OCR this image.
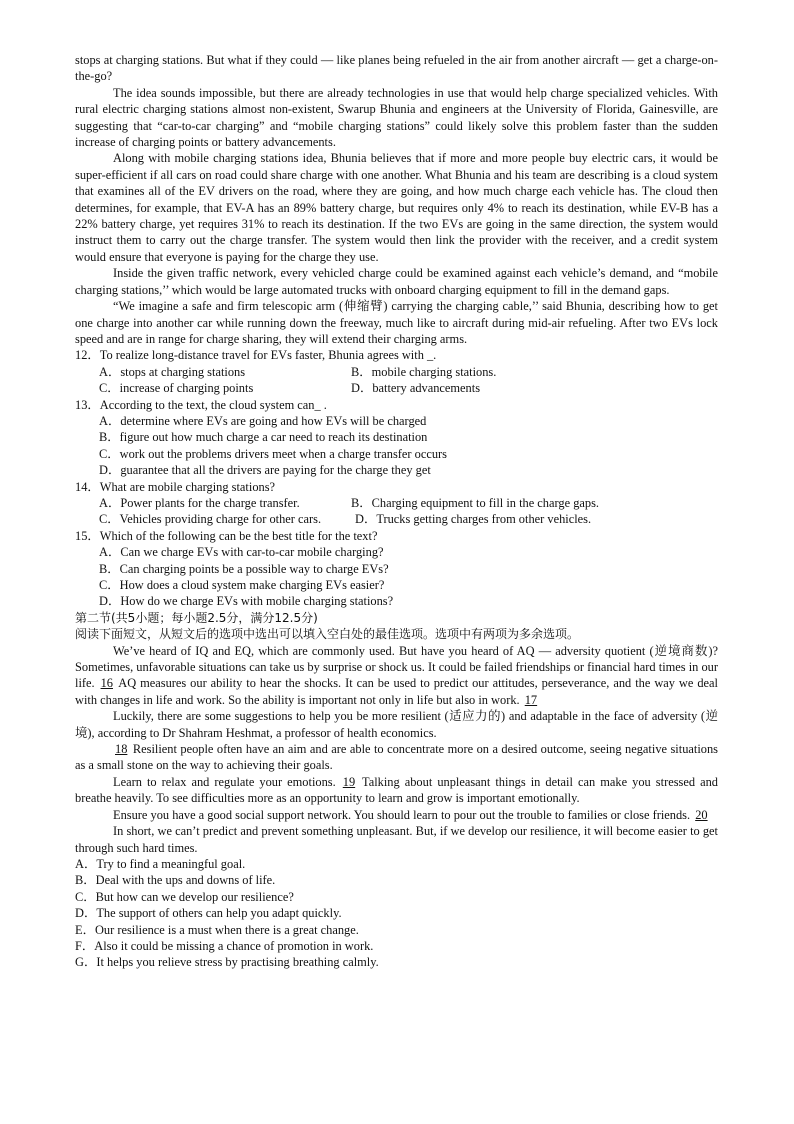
stops at charging stations. But what if they could — like planes being refueled in the air from another aircraft — get a charge-on-the-go?

The idea sounds impossible, but there are already technologies in use that would help charge specialized vehicles. With rural electric charging stations almost non-existent, Swarup Bhunia and engineers at the University of Florida, Gainesville, are suggesting that “car-to-car charging” and “mobile charging stations” could likely solve this problem faster than the sudden increase of charging points or battery advancements.

Along with mobile charging stations idea, Bhunia believes that if more and more people buy electric cars, it would be super-efficient if all cars on road could share charge with one another. What Bhunia and his team are describing is a cloud system that examines all of the EV drivers on the road, where they are going, and how much charge each vehicle has. The cloud then determines, for example, that EV-A has an 89% battery charge, but requires only 4% to reach its destination, while EV-B has a 22% battery charge, yet requires 31% to reach its destination. If the two EVs are going in the same direction, the system would instruct them to carry out the charge transfer. The system would then link the provider with the receiver, and a credit system would ensure that everyone is paying for the charge they use.

Inside the given traffic network, every vehicled charge could be examined against each vehicle’s demand, and “mobile charging stations,’’ which would be large automated trucks with onboard charging equipment to fill in the demand gaps.

“We imagine a safe and firm telescopic arm (伸缩臂) carrying the charging cable,’’ said Bhunia, describing how to get one charge into another car while running down the freeway, much like to aircraft during mid-air refueling. After two EVs lock speed and are in range for charge sharing, they will extend their charging arms.

12．To realize long-distance travel for EVs faster, Bhunia agrees with _.

A．stops at charging stations	B．mobile charging stations.
C．increase of charging points	D．battery advancements

13．According to the text, the cloud system can_ .

A．determine where EVs are going and how EVs will be charged

B．figure out how much charge a car need to reach its destination

C．work out the problems drivers meet when a charge transfer occurs

D．guarantee that all the drivers are paying for the charge they get

14．What are mobile charging stations?

A．Power plants for the charge transfer.	B．Charging equipment to fill in the charge gaps.
C．Vehicles providing charge for other cars.	D．Trucks getting charges from other vehicles.

15．Which of the following can be the best title for the text?

A．Can we charge EVs with car-to-car mobile charging?

B．Can charging points be a possible way to charge EVs?

C．How does a cloud system make charging EVs easier?

D．How do we charge EVs with mobile charging stations?

第二节(共5小题；每小题2.5分，满分12.5分)

阅读下面短文，从短文后的选项中选出可以填入空白处的最佳选项。选项中有两项为多余选项。

We’ve heard of IQ and EQ, which are commonly used. But have you heard of AQ — adversity quotient (逆境商数)? Sometimes, unfavorable situations can take us by surprise or shock us. It could be failed friendships or financial hard times in our life. 16 AQ measures our ability to hear the shocks. It can be used to predict our attitudes, perseverance, and the way we deal with changes in life and work. So the ability is important not only in life but also in work. 17

Luckily, there are some suggestions to help you be more resilient (适应力的) and adaptable in the face of adversity (逆境), according to Dr Shahram Heshmat, a professor of health economics.

18 Resilient people often have an aim and are able to concentrate more on a desired outcome, seeing negative situations as a small stone on the way to achieving their goals.

Learn to relax and regulate your emotions. 19 Talking about unpleasant things in detail can make you stressed and breathe heavily. To see difficulties more as an opportunity to learn and grow is important emotionally.

Ensure you have a good social support network. You should learn to pour out the trouble to families or close friends. 20

In short, we can’t predict and prevent something unpleasant. But, if we develop our resilience, it will become easier to get through such hard times.

A．Try to find a meaningful goal.

B．Deal with the ups and downs of life.

C．But how can we develop our resilience?

D．The support of others can help you adapt quickly.

E．Our resilience is a must when there is a great change.

F．Also it could be missing a chance of promotion in work.

G．It helps you relieve stress by practising breathing calmly.
